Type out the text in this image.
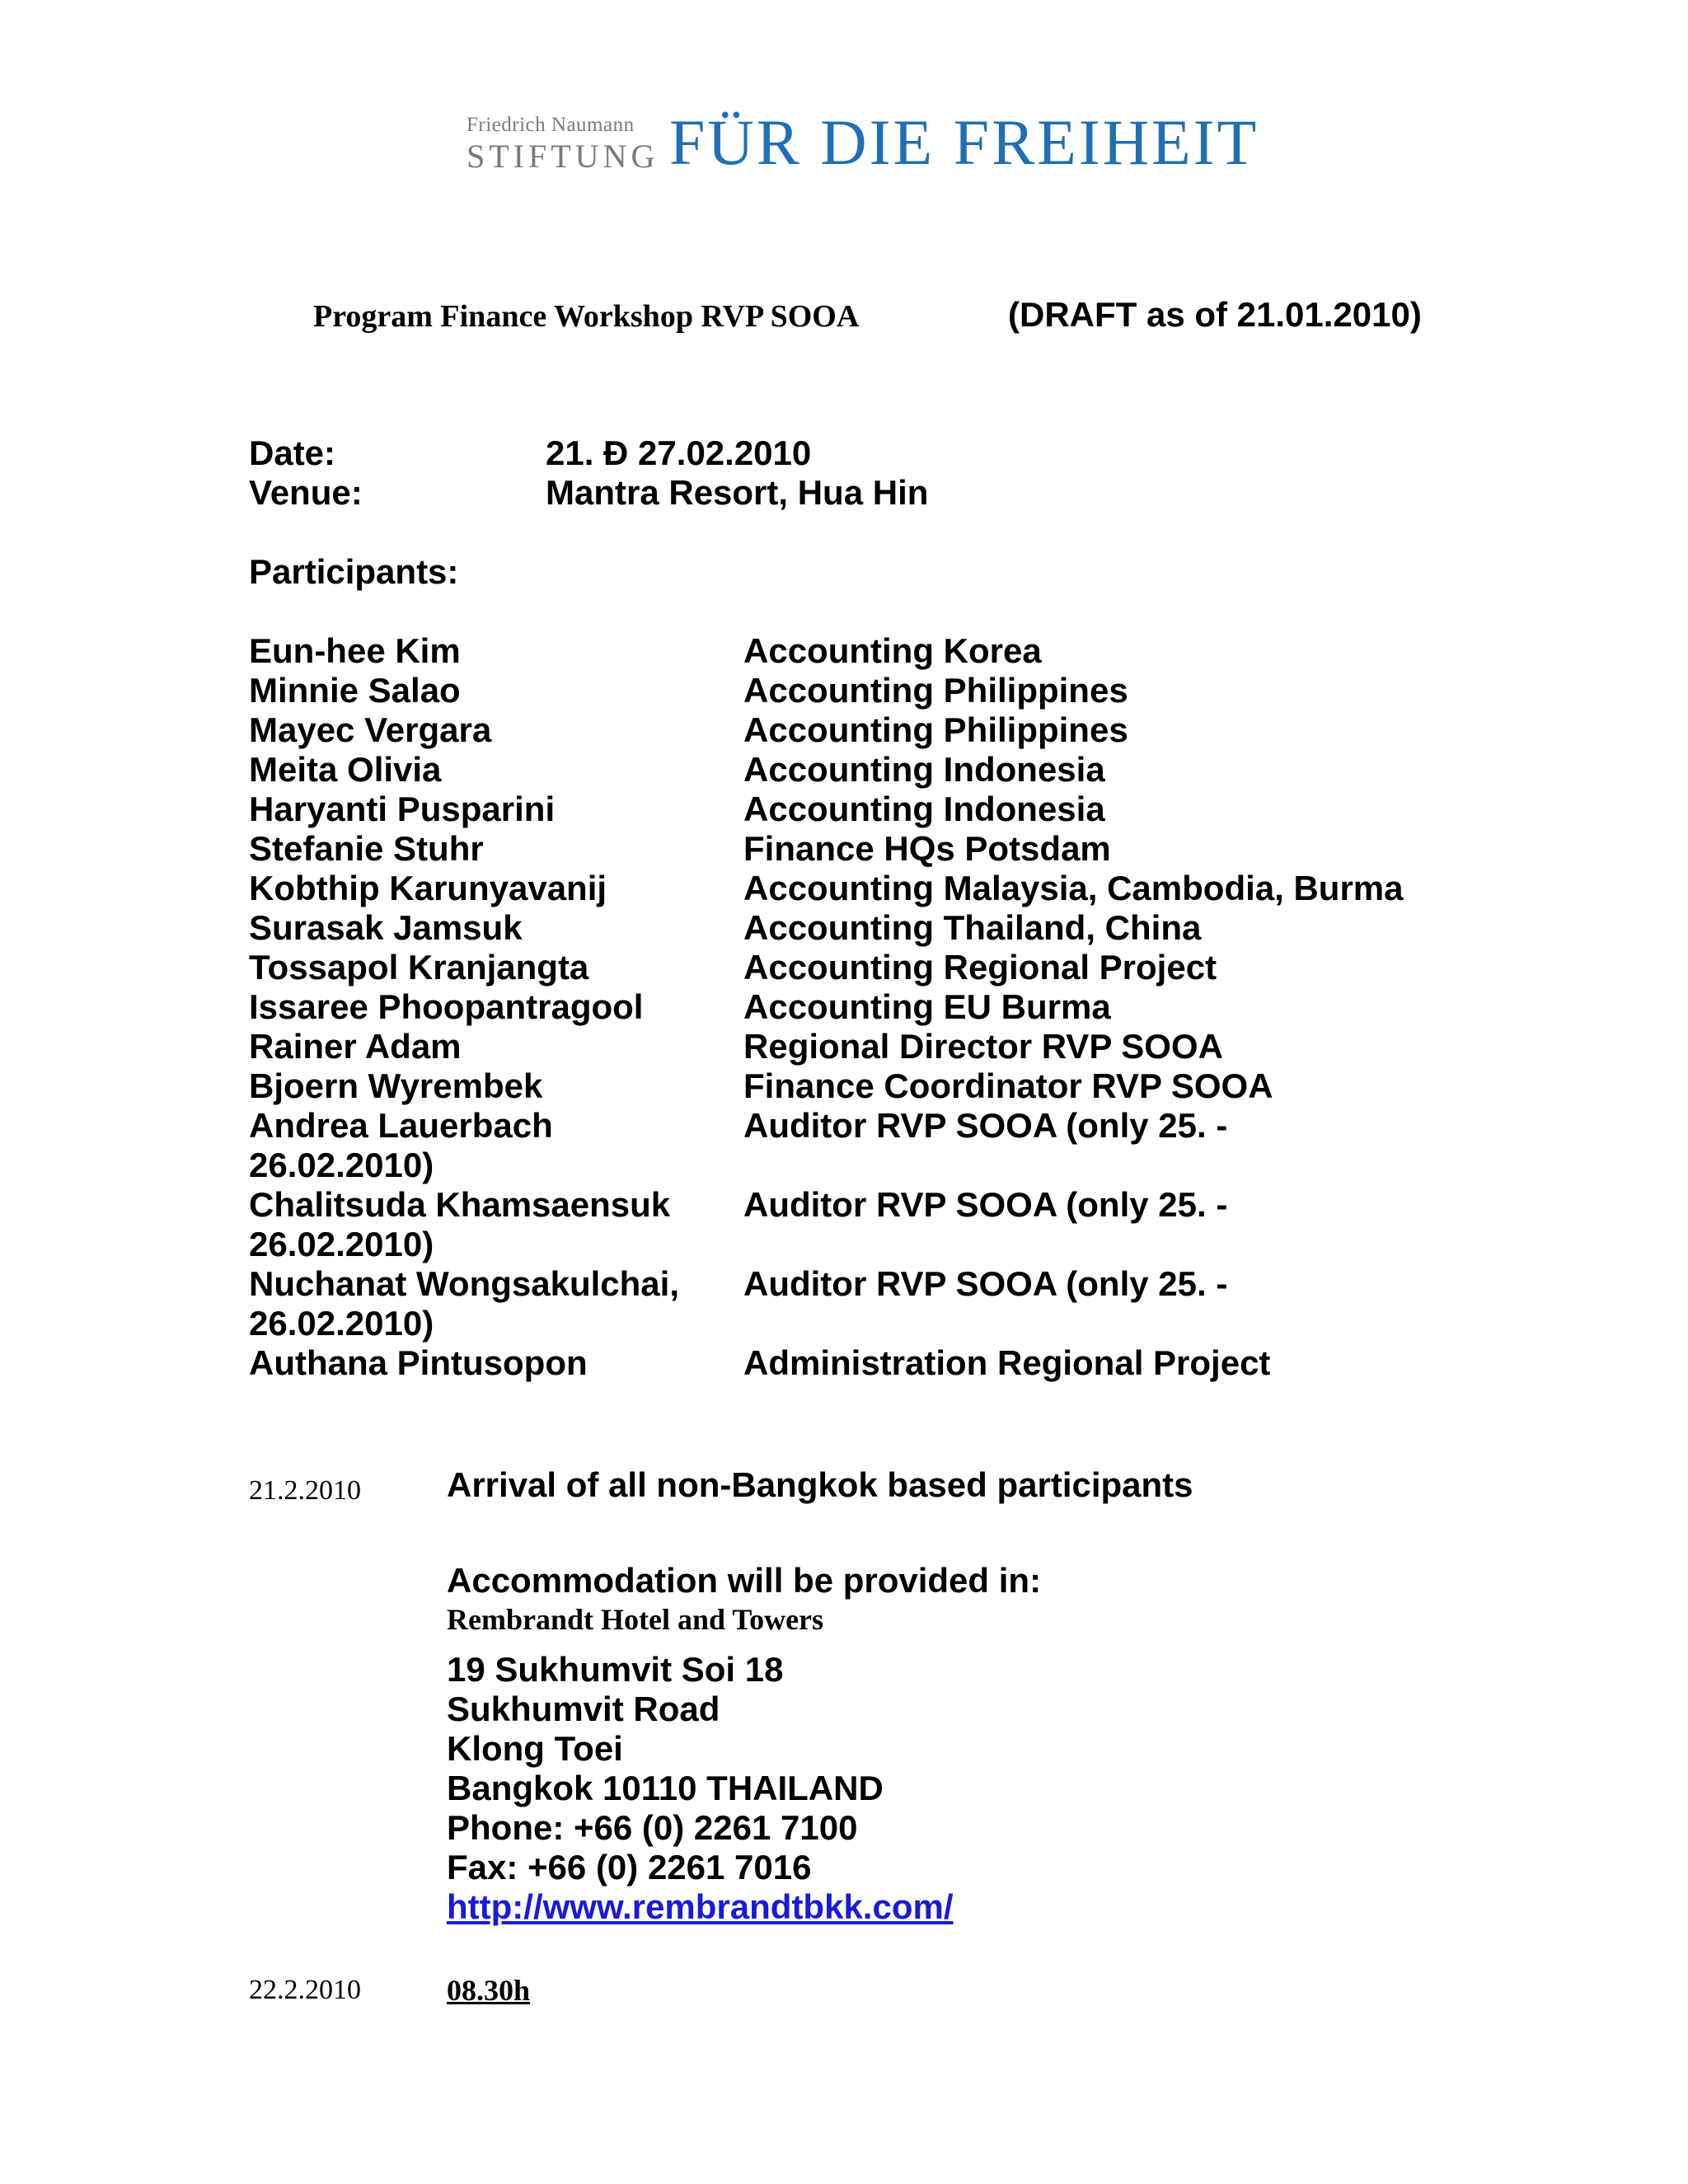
Friedrich Naumann
STIFTUNG FÜR DIE FREIHEIT
Program Finance Workshop RVP SOOA	(DRAFT as of 21.01.2010)
Date:	21. Ð 27.02.2010
Venue:	Mantra Resort, Hua Hin
Participants:
Eun-hee Kim	Accounting Korea
Minnie Salao	Accounting Philippines
Mayec Vergara	Accounting Philippines
Meita Olivia	Accounting Indonesia
Haryanti Pusparini	Accounting Indonesia
Stefanie Stuhr	Finance HQs Potsdam
Kobthip Karunyavanij	Accounting Malaysia, Cambodia, Burma
Surasak Jamsuk	Accounting Thailand, China
Tossapol Kranjangta	Accounting Regional Project
Issaree Phoopantragool	Accounting EU Burma
Rainer Adam	Regional Director RVP SOOA
Bjoern Wyrembek	Finance Coordinator RVP SOOA
Andrea Lauerbach	Auditor RVP SOOA (only 25. -
26.02.2010)
Chalitsuda Khamsaensuk Auditor RVP SOOA (only 25. -
26.02.2010)
Nuchanat Wongsakulchai, Auditor RVP SOOA (only 25. -
26.02.2010)
Authana Pintusopon	Administration Regional Project
21.2.2010 Arrival of all non-Bangkok based participants
Accommodation will be provided in:
Rembrandt Hotel and Towers
19 Sukhumvit Soi 18
Sukhumvit Road
Klong Toei
Bangkok 10110 THAILAND
Phone: +66 (0) 2261 7100
Fax: +66 (0) 2261 7016
http://www.rembrandtbkk.com/
22.2.2010	08.30h
